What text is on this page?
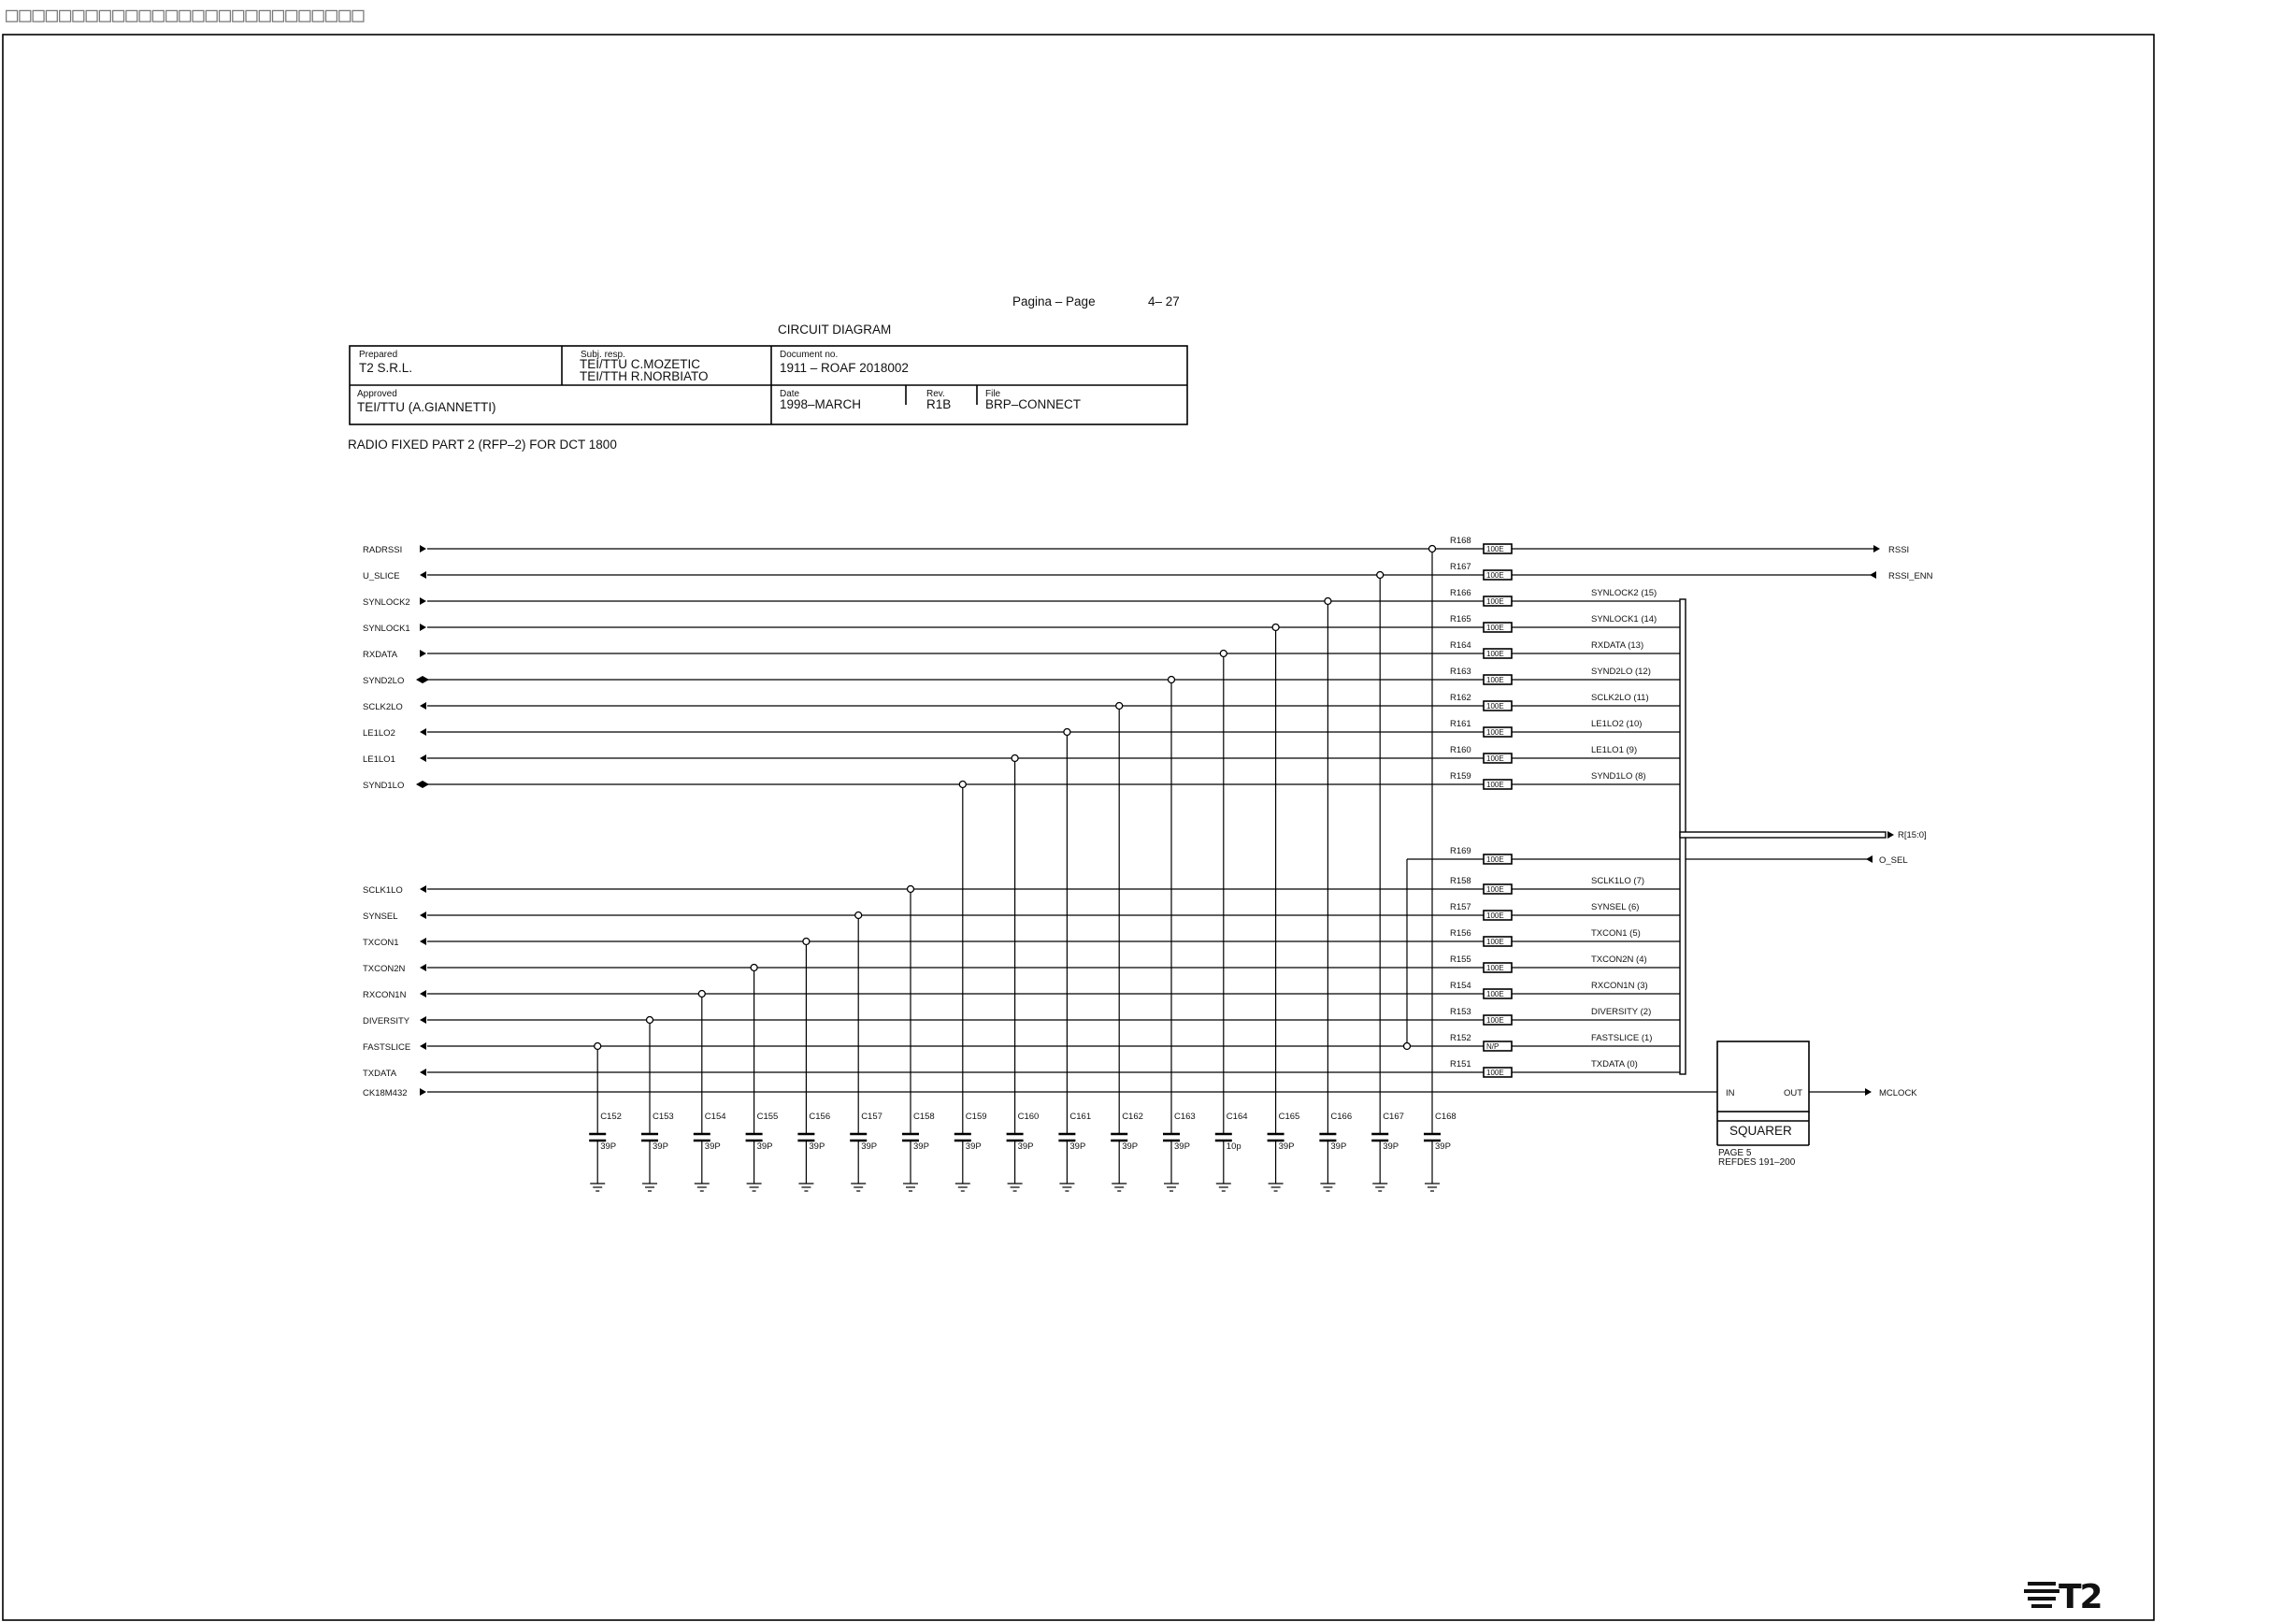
□□□□□□□□□□□□□□□□□□□□□□□□□□□
Pagina – Page	4– 27
CIRCUIT DIAGRAM
Prepared
T2 S.R.L.
Subj. resp.
TEI/TTU C.MOZETIC
TEI/TTH R.NORBIATO
Document no.
1911 – ROAF 2018002
Approved
TEI/TTU (A.GIANNETTI)
Date
1998–MARCH
Rev.
R1B
File
BRP–CONNECT
RADIO FIXED PART 2 (RFP–2) FOR DCT 1800
RADRSSI	100E
R168
RSSI
C168
39P
U_SLICE	100E
R167
RSSI_ENN
C167
39P
SYNLOCK2	100E
R166	SYNLOCK2 (15)
C166
39P
SYNLOCK1	100E
R165	SYNLOCK1 (14)
C165
39P
RXDATA	100E
R164	RXDATA (13)
C164
10p
SYND2LO	100E
R163	SYND2LO (12)
C163
39P
SCLK2LO	100E
R162	SCLK2LO (11)
C162
39P
LE1LO2	100E
R161	LE1LO2 (10)
C161
39P
LE1LO1	100E
R160	LE1LO1 (9)
C160
39P
SYND1LO	100E
R159	SYND1LO (8)
C159
39P
SCLK1LO	100E
R158	SCLK1LO (7)
C158
39P
SYNSEL	100E
R157	SYNSEL (6)
C157
39P
TXCON1	100E
R156	TXCON1 (5)
C156
39P
TXCON2N	100E
R155	TXCON2N (4)
C155
39P
RXCON1N	100E
R154	RXCON1N (3)
C154
39P
DIVERSITY	100E
R153	DIVERSITY (2)
C153
39P
FASTSLICE	N/P
R152	FASTSLICE (1)
C152
39P
TXDATA	100E
R151	TXDATA (0)
R[15:0]
100E
R169
O_SEL
CK18M432	MCLOCK
IN	OUT
SQUARER
PAGE 5
REFDES 191–200
T2
